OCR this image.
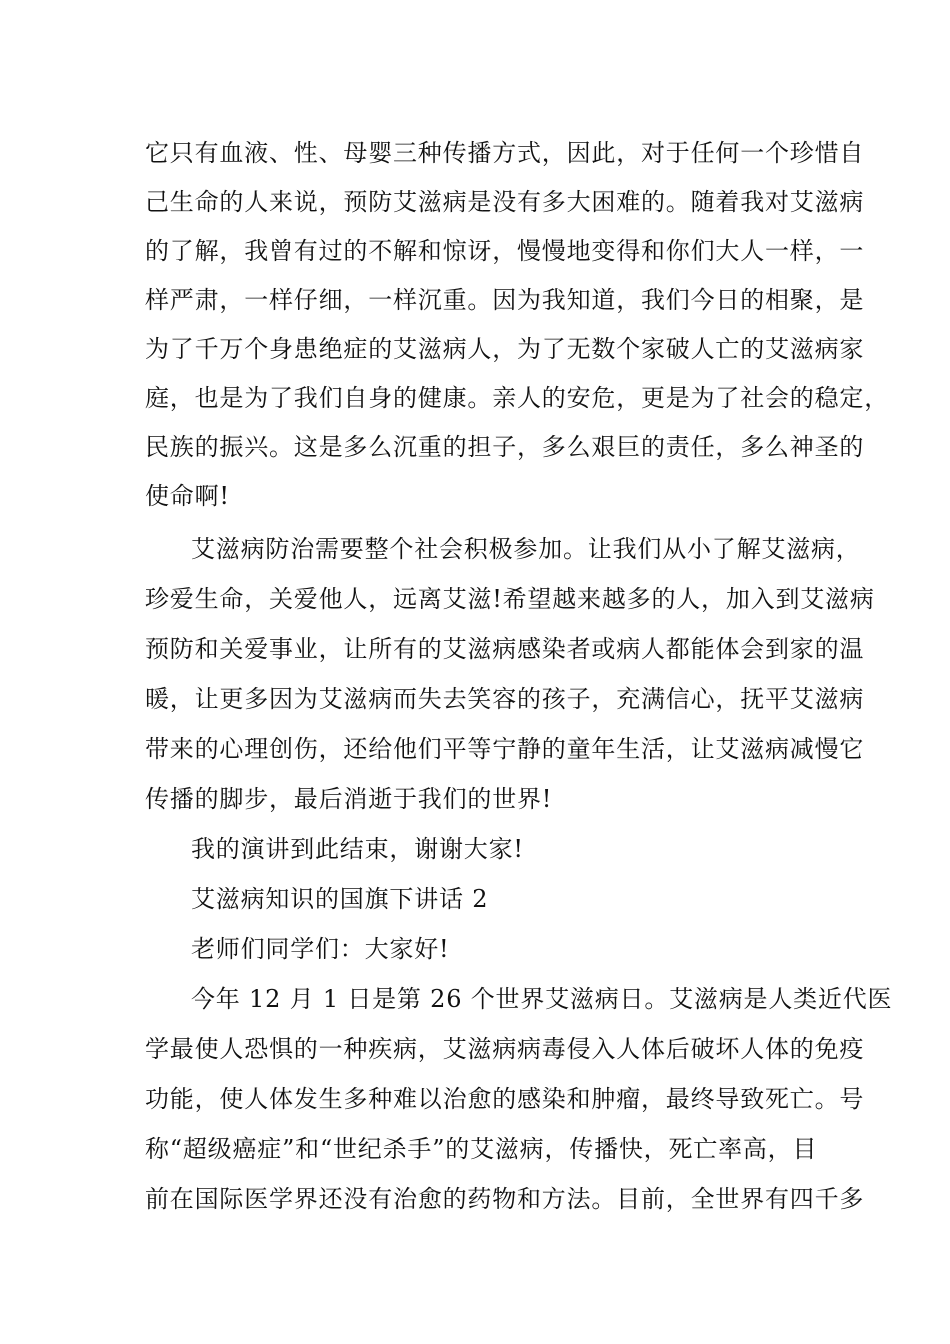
它只有血液、性、母婴三种传播方式，因此，对于任何一个珍惜自
己生命的人来说，预防艾滋病是没有多大困难的。随着我对艾滋病
的了解，我曾有过的不解和惊讶，慢慢地变得和你们大人一样，一
样严肃，一样仔细，一样沉重。因为我知道，我们今日的相聚，是
为了千万个身患绝症的艾滋病人，为了无数个家破人亡的艾滋病家
庭，也是为了我们自身的健康。亲人的安危，更是为了社会的稳定，
民族的振兴。这是多么沉重的担子，多么艰巨的责任，多么神圣的
使命啊!
艾滋病防治需要整个社会积极参加。让我们从小了解艾滋病，
珍爱生命，关爱他人，远离艾滋!希望越来越多的人，加入到艾滋病
预防和关爱事业，让所有的艾滋病感染者或病人都能体会到家的温
暖，让更多因为艾滋病而失去笑容的孩子，充满信心，抚平艾滋病
带来的心理创伤，还给他们平等宁静的童年生活，让艾滋病减慢它
传播的脚步，最后消逝于我们的世界!
我的演讲到此结束，谢谢大家!
艾滋病知识的国旗下讲话 2
老师们同学们：大家好!
今年 12 月 1 日是第 26 个世界艾滋病日。艾滋病是人类近代医
学最使人恐惧的一种疾病，艾滋病病毒侵入人体后破坏人体的免疫
功能，使人体发生多种难以治愈的感染和肿瘤，最终导致死亡。号
称“超级癌症”和“世纪杀手”的艾滋病，传播快，死亡率高，目
前在国际医学界还没有治愈的药物和方法。目前，全世界有四千多
